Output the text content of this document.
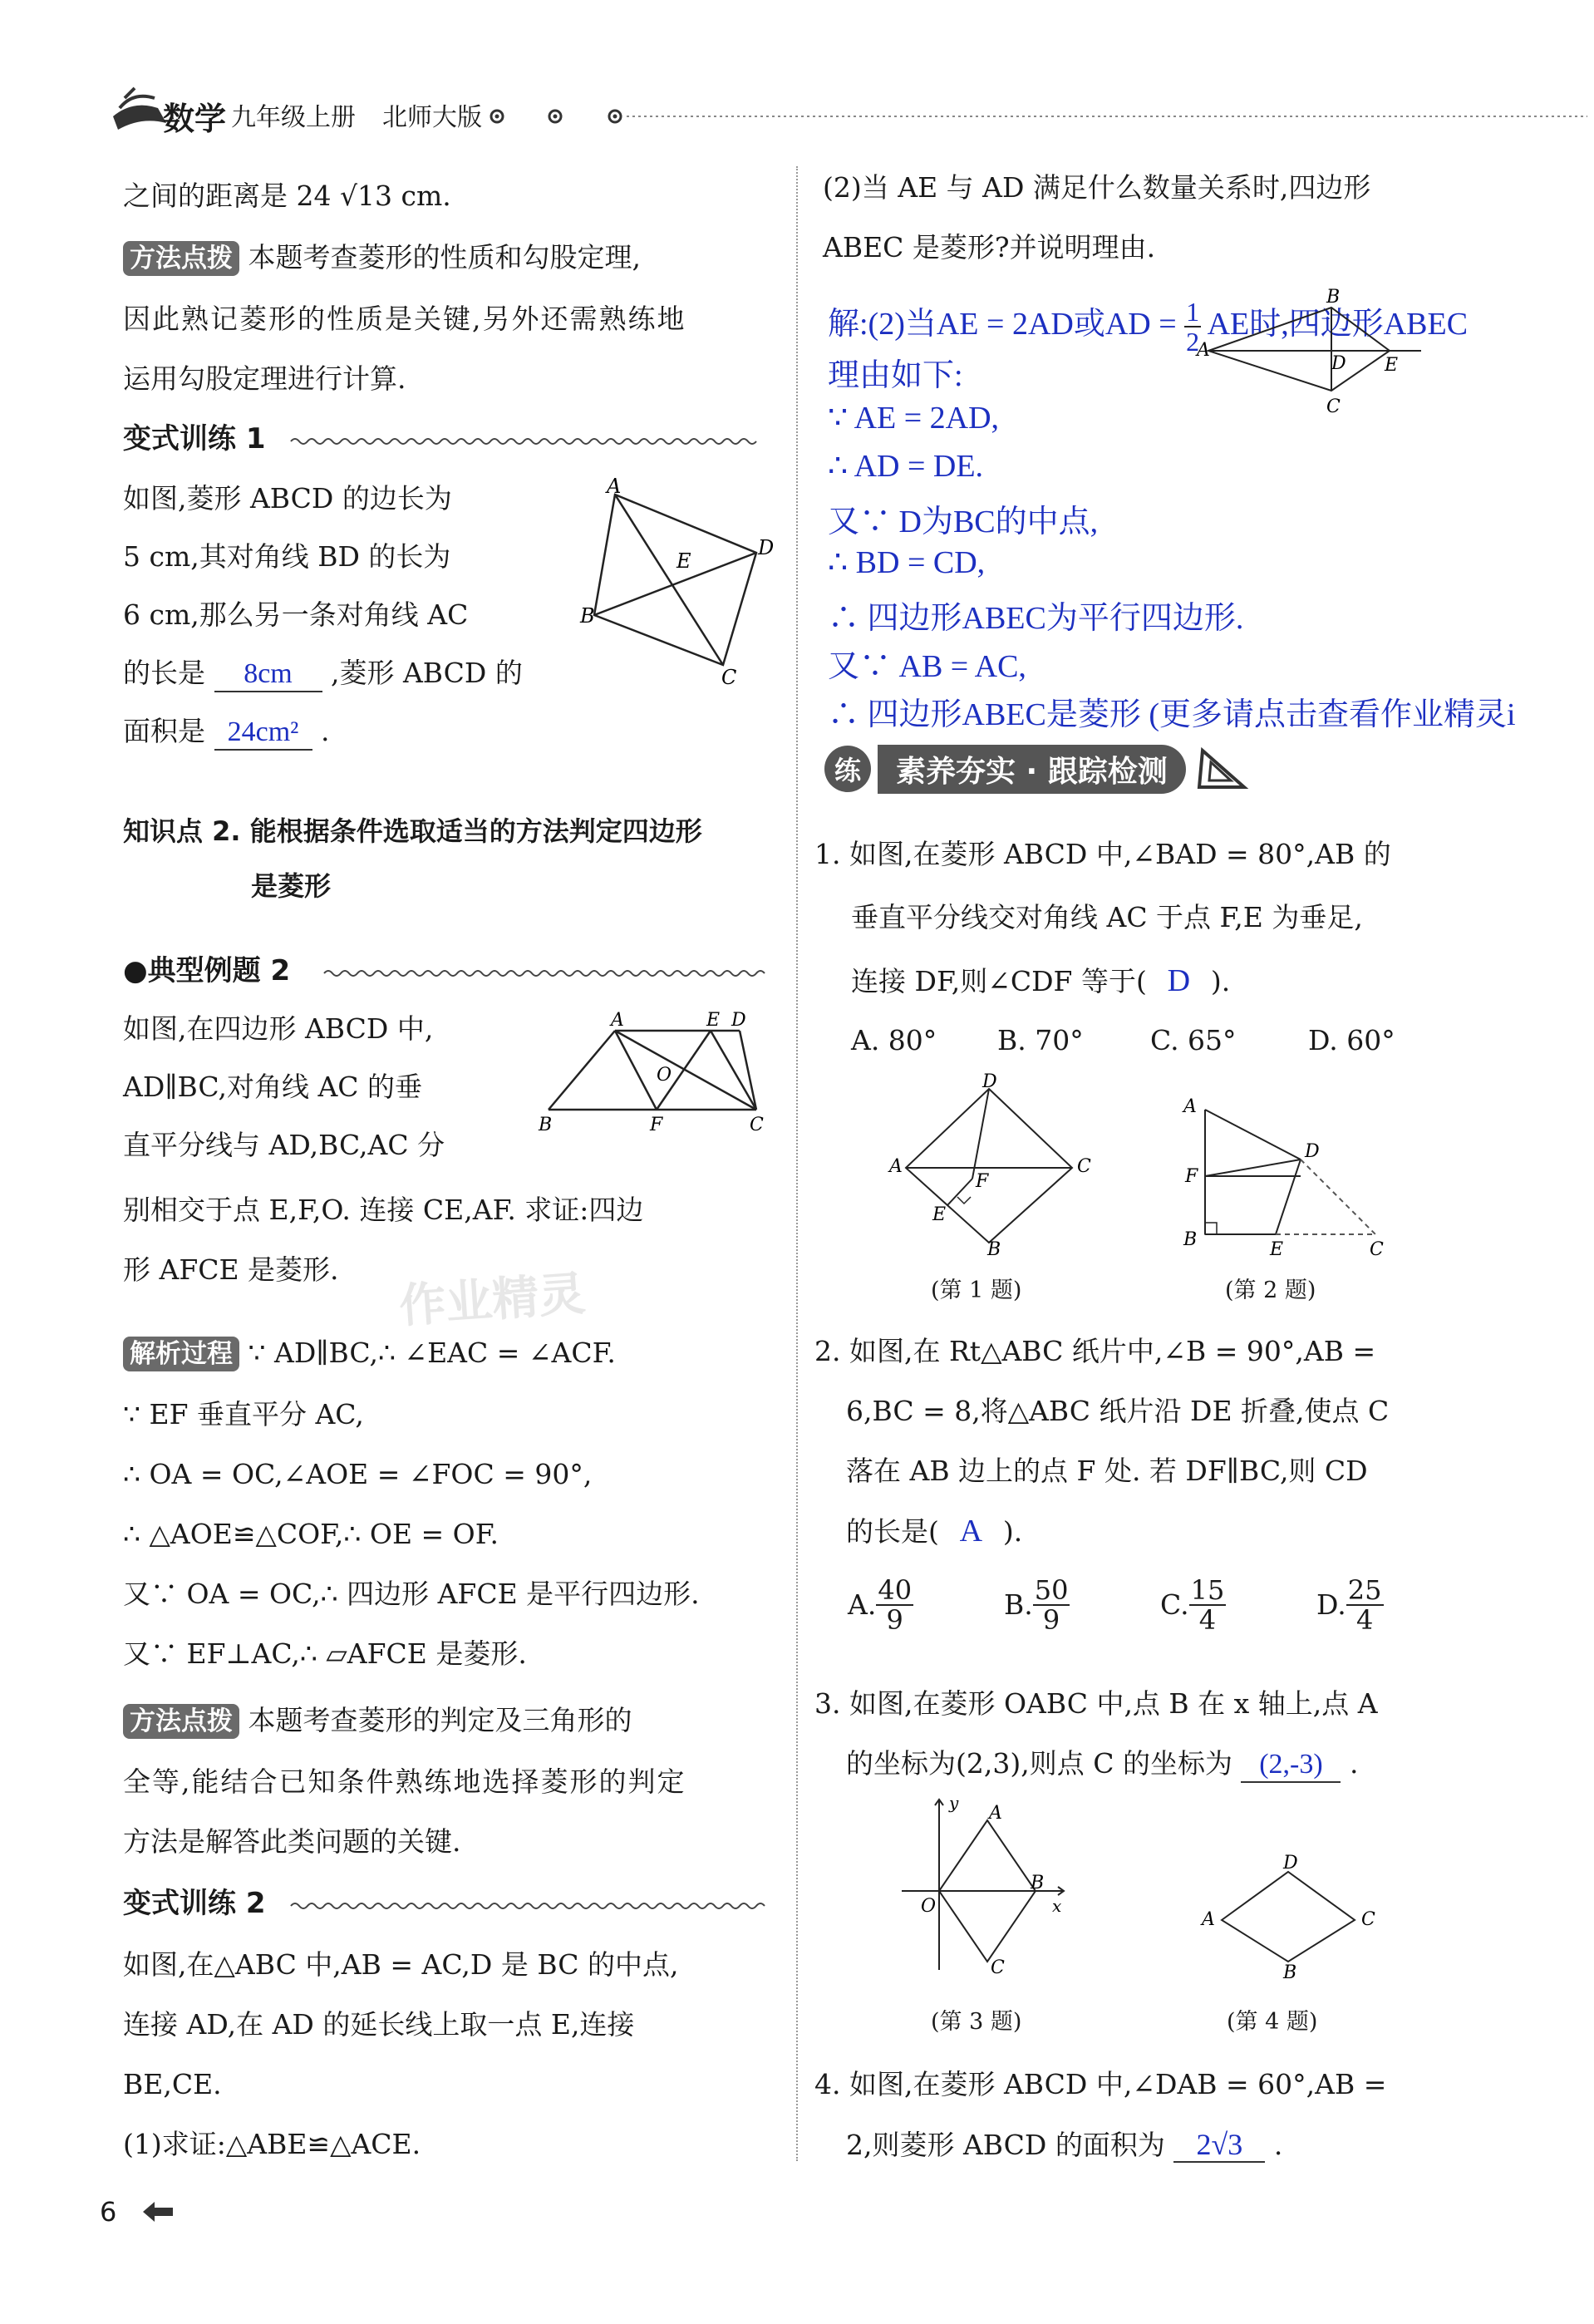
数学 九年级上册 北师大版
之间的距离是 24 √13 cm.
方法点拨 本题考查菱形的性质和勾股定理,
因此熟记菱形的性质是关键,另外还需熟练地
运用勾股定理进行计算.
变式训练 1
如图,菱形 ABCD 的边长为
5 cm,其对角线 BD 的长为
6 cm,那么另一条对角线 AC
的长是 8cm ,菱形 ABCD 的
面积是 24cm² .
A
D
C
B
E
知识点 2. 能根据条件选取适当的方法判定四边形
是菱形
●典型例题 2
如图,在四边形 ABCD 中,
AD∥BC,对角线 AC 的垂
直平分线与 AD,BC,AC 分
别相交于点 E,F,O. 连接 CE,AF. 求证:四边
形 AFCE 是菱形.
A	E D
B	F	C
O
作业精灵
解析过程 ∵ AD∥BC,∴ ∠EAC = ∠ACF.
∵ EF 垂直平分 AC,
∴ OA = OC,∠AOE = ∠FOC = 90°,
∴ △AOE≌△COF,∴ OE = OF.
又∵ OA = OC,∴ 四边形 AFCE 是平行四边形.
又∵ EF⊥AC,∴ ▱AFCE 是菱形.
方法点拨 本题考查菱形的判定及三角形的
全等,能结合已知条件熟练地选择菱形的判定
方法是解答此类问题的关键.
变式训练 2
如图,在△ABC 中,AB = AC,D 是 BC 的中点,
连接 AD,在 AD 的延长线上取一点 E,连接
BE,CE.
(1)求证:△ABE≌△ACE.
(2)当 AE 与 AD 满足什么数量关系时,四边形
ABEC 是菱形?并说明理由.
解:(2)当AE = 2AD或AD = $\frac{1}{2}$ AE时,四边形ABEC
理由如下:
∵ AE = 2AD,
∴ AD = DE.
又∵ D为BC的中点,
∴ BD = CD,
∴ 四边形ABEC为平行四边形.
又∵ AB = AC,
∴ 四边形ABEC是菱形 (更多请点击查看作业精灵i
A
B
D E
C
练	素养夯实 · 跟踪检测
1. 如图,在菱形 ABCD 中,∠BAD = 80°,AB 的
垂直平分线交对角线 AC 于点 F,E 为垂足,
连接 DF,则∠CDF 等于( D ).
A. 80°	B. 70°	C. 65°	D. 60°
D
C
B
A
F
E
(第 1 题)
A
D
F
B	E	C
(第 2 题)
2. 如图,在 Rt△ABC 纸片中,∠B = 90°,AB =
6,BC = 8,将△ABC 纸片沿 DE 折叠,使点 C
落在 AB 边上的点 F 处. 若 DF∥BC,则 CD
的长是( A ).
A. $\frac{40}{9}$	B. $\frac{50}{9}$	C. $\frac{15}{4}$	D. $\frac{25}{4}$
3. 如图,在菱形 OABC 中,点 B 在 x 轴上,点 A
的坐标为(2,3),则点 C 的坐标为 (2,-3) .
y
x
O
A
B
C
(第 3 题)
D
C
B
A
(第 4 题)
4. 如图,在菱形 ABCD 中,∠DAB = 60°,AB =
2,则菱形 ABCD 的面积为 2√3 .
6
